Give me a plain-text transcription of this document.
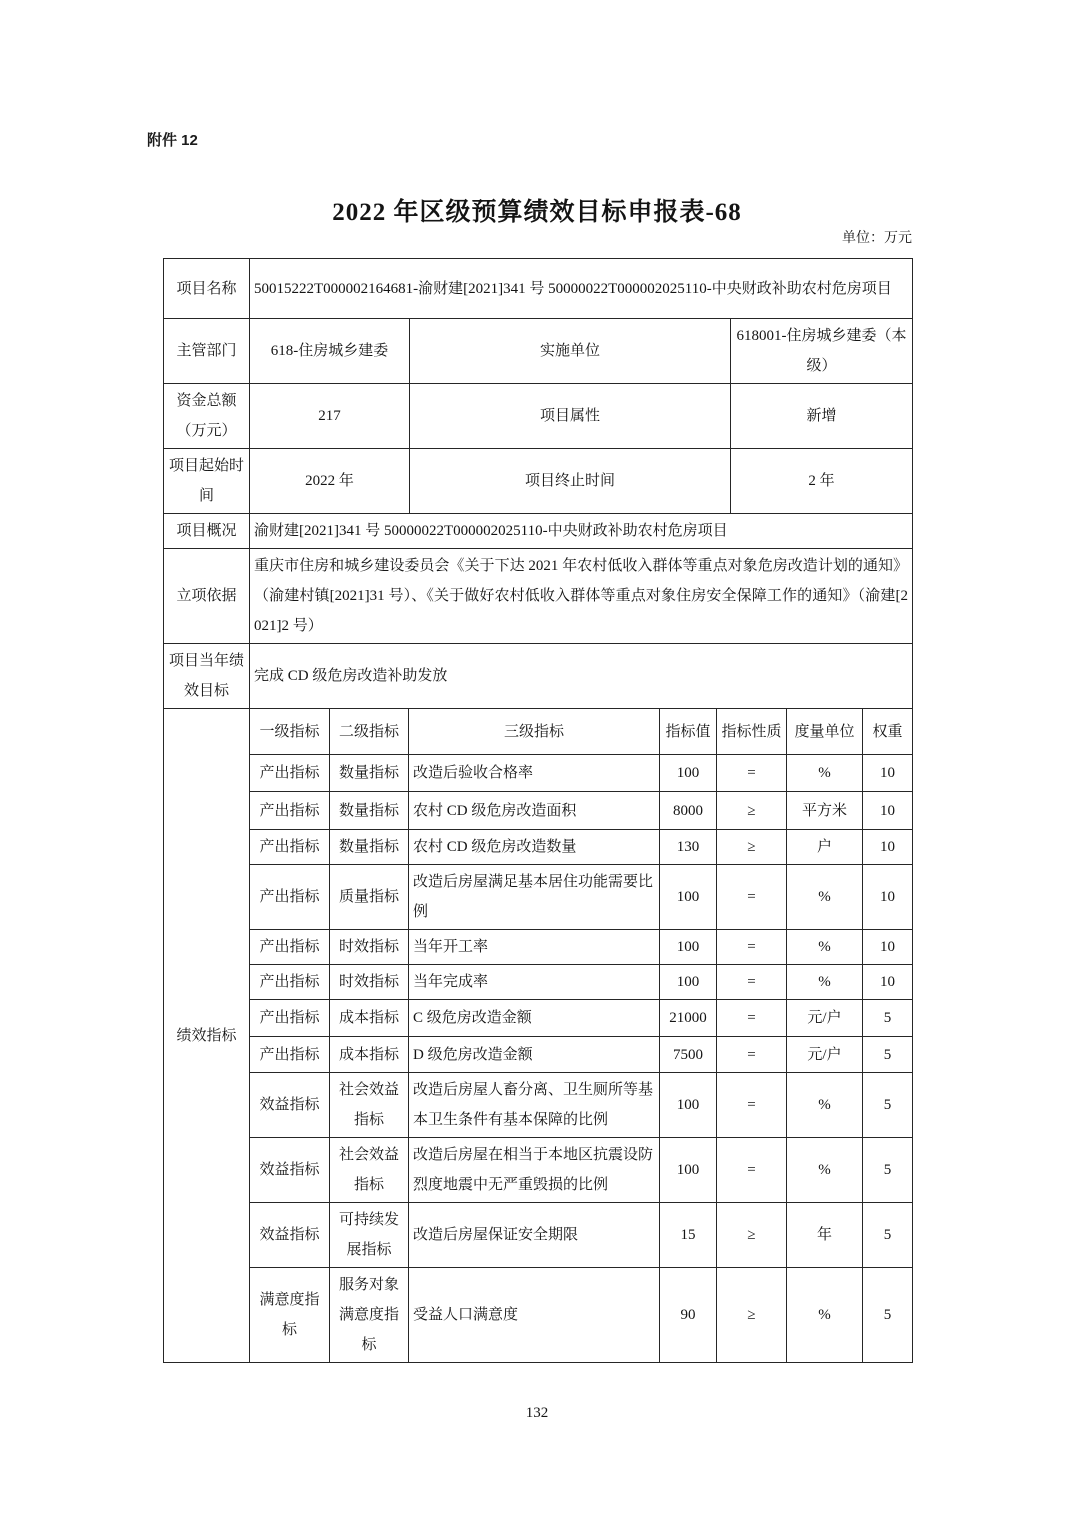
附件 12
2022 年区级预算绩效目标申报表-68
单位：万元
项目名称	50015222T000002164681-渝财建[2021]341 号 50000022T000002025110-中央财政补助农村危房项目		
主管部门	618-住房城乡建委	实施单位	618001-住房城乡建委（本级）
资金总额（万元）	217	项目属性	新增
项目起始时间	2022 年	项目终止时间	2 年
项目概况	渝财建[2021]341 号 50000022T000002025110-中央财政补助农村危房项目		
立项依据	重庆市住房和城乡建设委员会《关于下达 2021 年农村低收入群体等重点对象危房改造计划的通知》（渝建村镇[2021]31 号）、《关于做好农村低收入群体等重点对象住房安全保障工作的通知》（渝建[2021]2 号）		
项目当年绩效目标	完成 CD 级危房改造补助发放		
绩效指标	一级指标	二级指标	三级指标	指标值	指标性质	度量单位	权重
	产出指标	数量指标	改造后验收合格率	100	=	%	10
	产出指标	数量指标	农村 CD 级危房改造面积	8000	≥	平方米	10
	产出指标	数量指标	农村 CD 级危房改造数量	130	≥	户	10
	产出指标	质量指标	改造后房屋满足基本居住功能需要比例	100	=	%	10
	产出指标	时效指标	当年开工率	100	=	%	10
	产出指标	时效指标	当年完成率	100	=	%	10
	产出指标	成本指标	C 级危房改造金额	21000	=	元/户	5
	产出指标	成本指标	D 级危房改造金额	7500	=	元/户	5
	效益指标	社会效益指标	改造后房屋人畜分离、卫生厕所等基本卫生条件有基本保障的比例	100	=	%	5
	效益指标	社会效益指标	改造后房屋在相当于本地区抗震设防烈度地震中无严重毁损的比例	100	=	%	5
	效益指标	可持续发展指标	改造后房屋保证安全期限	15	≥	年	5
	满意度指标	服务对象满意度指标	受益人口满意度	90	≥	%	5
132
